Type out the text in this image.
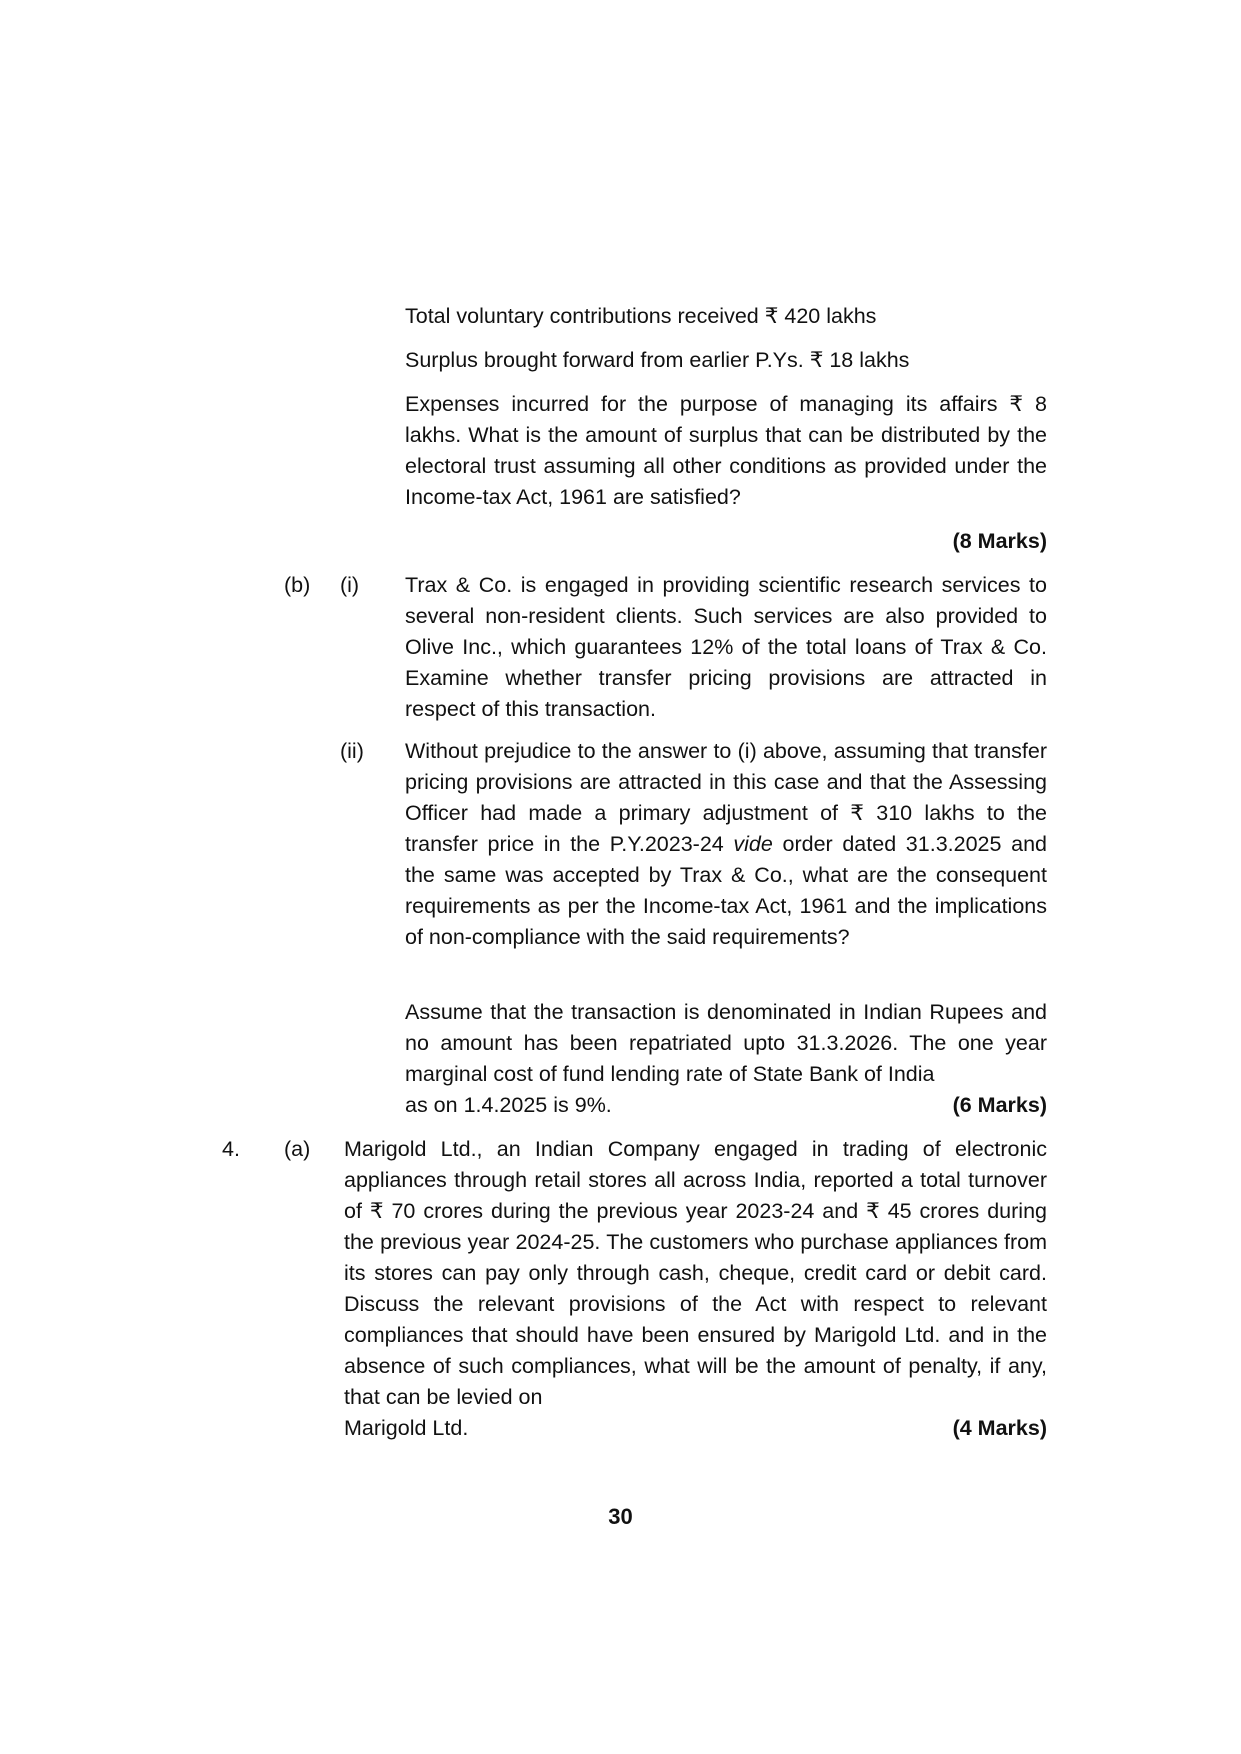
Total voluntary contributions received ₹ 420 lakhs

Surplus brought forward from earlier P.Ys. ₹ 18 lakhs

Expenses incurred for the purpose of managing its affairs ₹ 8 lakhs. What is the amount of surplus that can be distributed by the electoral trust assuming all other conditions as provided under the Income-tax Act, 1961 are satisfied?

(8 Marks)

(b) (i) Trax & Co. is engaged in providing scientific research services to several non-resident clients. Such services are also provided to Olive Inc., which guarantees 12% of the total loans of Trax & Co. Examine whether transfer pricing provisions are attracted in respect of this transaction.

(ii) Without prejudice to the answer to (i) above, assuming that transfer pricing provisions are attracted in this case and that the Assessing Officer had made a primary adjustment of ₹ 310 lakhs to the transfer price in the P.Y.2023-24 vide order dated 31.3.2025 and the same was accepted by Trax & Co., what are the consequent requirements as per the Income-tax Act, 1961 and the implications of non-compliance with the said requirements?

Assume that the transaction is denominated in Indian Rupees and no amount has been repatriated upto 31.3.2026. The one year marginal cost of fund lending rate of State Bank of India

as on 1.4.2025 is 9%.	(6 Marks)
4. (a) Marigold Ltd., an Indian Company engaged in trading of electronic appliances through retail stores all across India, reported a total turnover of ₹ 70 crores during the previous year 2023-24 and ₹ 45 crores during the previous year 2024-25. The customers who purchase appliances from its stores can pay only through cash, cheque, credit card or debit card. Discuss the relevant provisions of the Act with respect to relevant compliances that should have been ensured by Marigold Ltd. and in the absence of such compliances, what will be the amount of penalty, if any, that can be levied on

Marigold Ltd.	(4 Marks)
30
